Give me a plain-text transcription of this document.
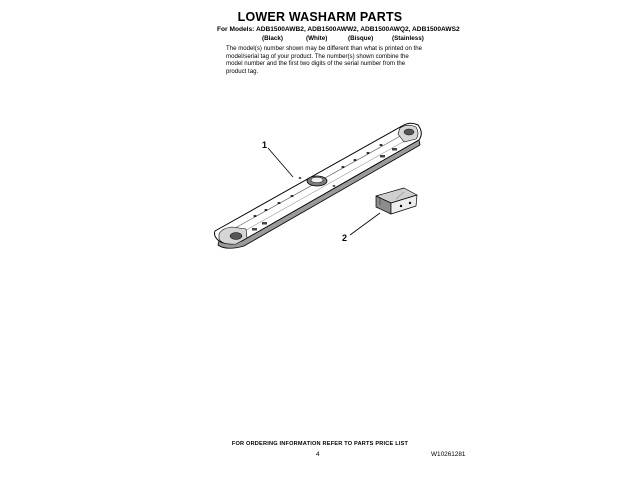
LOWER WASHARM PARTS
For Models: ADB1500AWB2, ADB1500AWW2, ADB1500AWQ2, ADB1500AWS2
(Black)	(White)	(Bisque)	(Stainless)
The model(s) number shown may be different than what is printed on the model/serial tag of your product. The number(s) shown combine the model number and the first two digits of the serial number from the product tag.
1
2
FOR ORDERING INFORMATION REFER TO PARTS PRICE LIST
4	W10261281
